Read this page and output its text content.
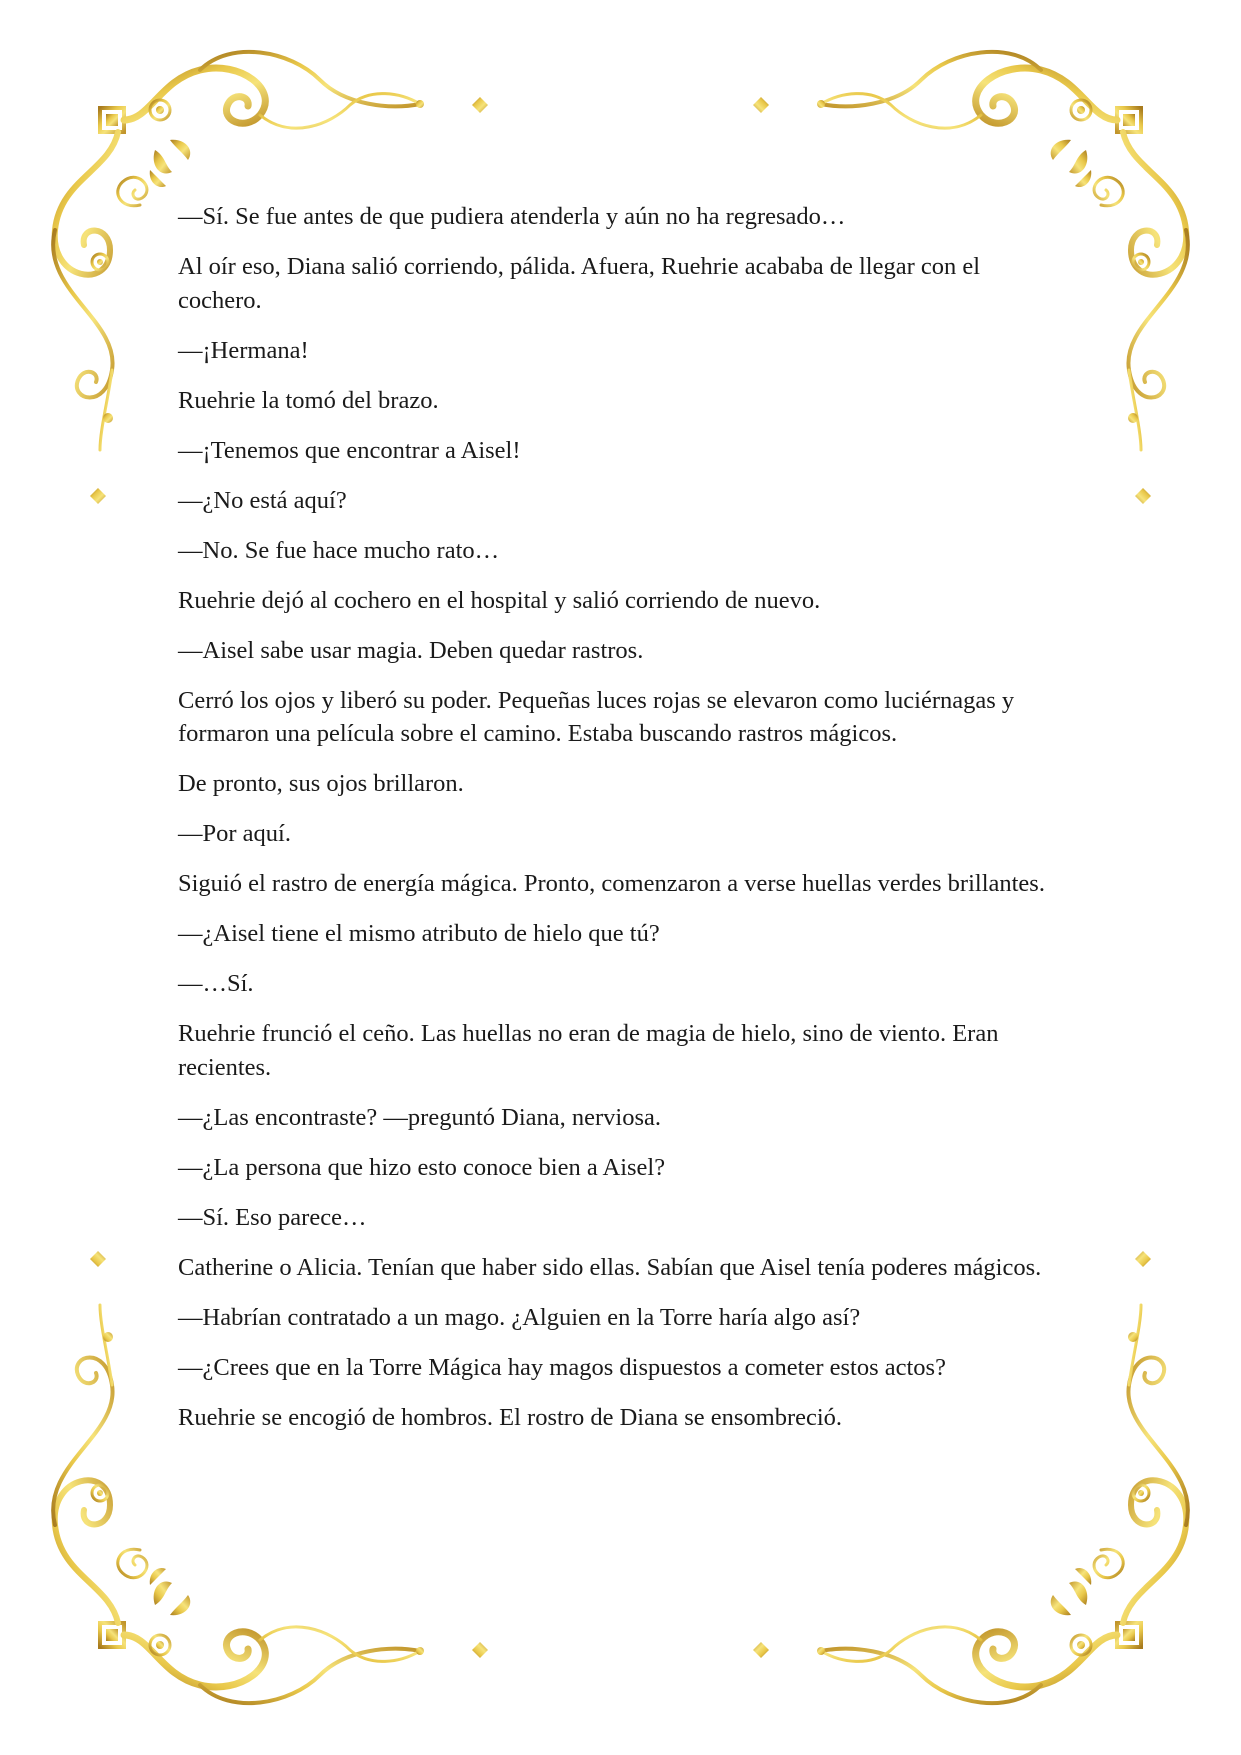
—Sí. Se fue antes de que pudiera atenderla y aún no ha regresado…

Al oír eso, Diana salió corriendo, pálida. Afuera, Ruehrie acababa de llegar con el cochero.

—¡Hermana!

Ruehrie la tomó del brazo.

—¡Tenemos que encontrar a Aisel!

—¿No está aquí?

—No. Se fue hace mucho rato…

Ruehrie dejó al cochero en el hospital y salió corriendo de nuevo.

—Aisel sabe usar magia. Deben quedar rastros.

Cerró los ojos y liberó su poder. Pequeñas luces rojas se elevaron como luciérnagas y formaron una película sobre el camino. Estaba buscando rastros mágicos.

De pronto, sus ojos brillaron.

—Por aquí.

Siguió el rastro de energía mágica. Pronto, comenzaron a verse huellas verdes brillantes.

—¿Aisel tiene el mismo atributo de hielo que tú?

—…Sí.

Ruehrie frunció el ceño. Las huellas no eran de magia de hielo, sino de viento. Eran recientes.

—¿Las encontraste? —preguntó Diana, nerviosa.

—¿La persona que hizo esto conoce bien a Aisel?

—Sí. Eso parece…

Catherine o Alicia. Tenían que haber sido ellas. Sabían que Aisel tenía poderes mágicos.

—Habrían contratado a un mago. ¿Alguien en la Torre haría algo así?

—¿Crees que en la Torre Mágica hay magos dispuestos a cometer estos actos?

Ruehrie se encogió de hombros. El rostro de Diana se ensombreció.
